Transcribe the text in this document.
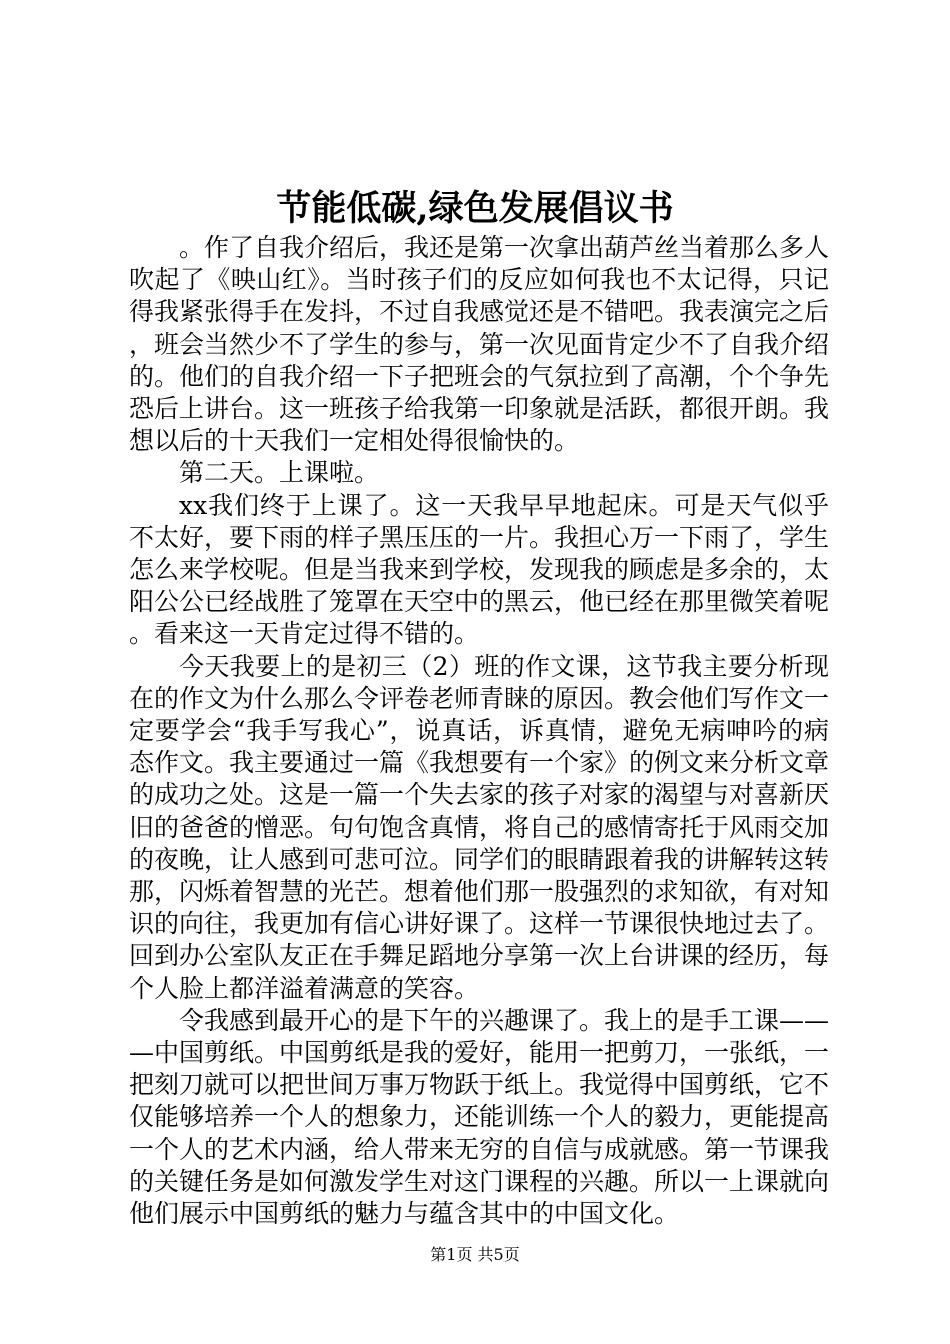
节能低碳,绿色发展倡议书

。作了自我介绍后，我还是第一次拿出葫芦丝当着那么多人吹起了《映山红》。当时孩子们的反应如何我也不太记得，只记得我紧张得手在发抖，不过自我感觉还是不错吧。我表演完之后，班会当然少不了学生的参与，第一次见面肯定少不了自我介绍的。他们的自我介绍一下子把班会的气氛拉到了高潮，个个争先恐后上讲台。这一班孩子给我第一印象就是活跃，都很开朗。我想以后的十天我们一定相处得很愉快的。

第二天。上课啦。

xx我们终于上课了。这一天我早早地起床。可是天气似乎不太好，要下雨的样子黑压压的一片。我担心万一下雨了，学生怎么来学校呢。但是当我来到学校，发现我的顾虑是多余的，太阳公公已经战胜了笼罩在天空中的黑云，他已经在那里微笑着呢。看来这一天肯定过得不错的。

今天我要上的是初三（2）班的作文课，这节我主要分析现在的作文为什么那么令评卷老师青睐的原因。教会他们写作文一定要学会“我手写我心”，说真话，诉真情，避免无病呻吟的病态作文。我主要通过一篇《我想要有一个家》的例文来分析文章的成功之处。这是一篇一个失去家的孩子对家的渴望与对喜新厌旧的爸爸的憎恶。句句饱含真情，将自己的感情寄托于风雨交加的夜晚，让人感到可悲可泣。同学们的眼睛跟着我的讲解转这转那，闪烁着智慧的光芒。想着他们那一股强烈的求知欲，有对知识的向往，我更加有信心讲好课了。这样一节课很快地过去了。回到办公室队友正在手舞足蹈地分享第一次上台讲课的经历，每个人脸上都洋溢着满意的笑容。

令我感到最开心的是下午的兴趣课了。我上的是手工课———中国剪纸。中国剪纸是我的爱好，能用一把剪刀，一张纸，一把刻刀就可以把世间万事万物跃于纸上。我觉得中国剪纸，它不仅能够培养一个人的想象力，还能训练一个人的毅力，更能提高一个人的艺术内涵，给人带来无穷的自信与成就感。第一节课我的关键任务是如何激发学生对这门课程的兴趣。所以一上课就向他们展示中国剪纸的魅力与蕴含其中的中国文化。

第1页 共5页
